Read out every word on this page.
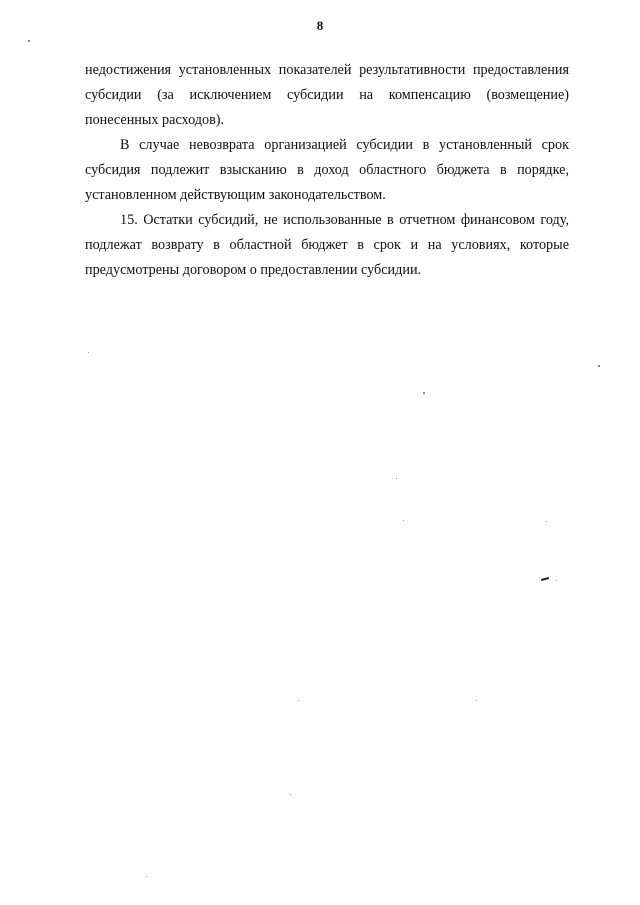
8

недостижения установленных показателей результативности предоставления субсидии (за исключением субсидии на компенсацию (возмещение) понесенных расходов).

В случае невозврата организацией субсидии в установленный срок субсидия подлежит взысканию в доход областного бюджета в порядке, установленном действующим законодательством.

15. Остатки субсидий, не использованные в отчетном финансовом году, подлежат возврату в областной бюджет в срок и на условиях, которые предусмотрены договором о предоставлении субсидии.
